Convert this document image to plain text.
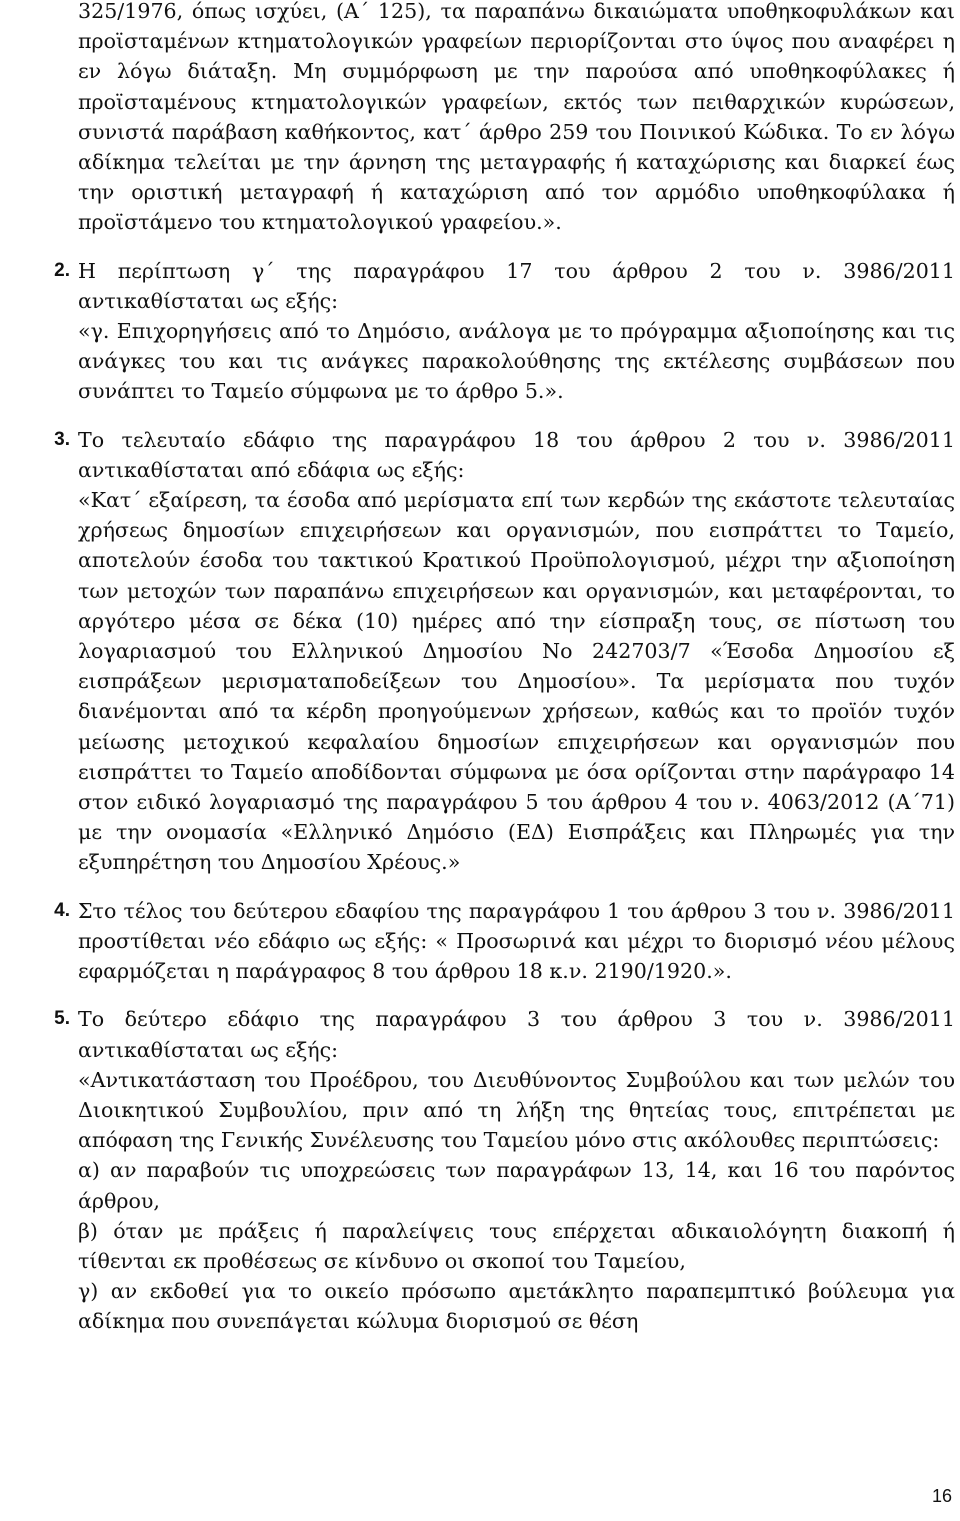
325/1976, όπως ισχύει, (Α΄ 125), τα παραπάνω δικαιώματα υποθηκοφυλάκων και προϊσταμένων κτηματολογικών γραφείων περιορίζονται στο ύψος που αναφέρει η εν λόγω διάταξη. Μη συμμόρφωση με την παρούσα από υποθηκοφύλακες ή προϊσταμένους κτηματολογικών γραφείων, εκτός των πειθαρχικών κυρώσεων, συνιστά παράβαση καθήκοντος, κατ΄ άρθρο 259 του Ποινικού Κώδικα. Το εν λόγω αδίκημα τελείται με την άρνηση της μεταγραφής ή καταχώρισης και διαρκεί έως την οριστική μεταγραφή ή καταχώριση από τον αρμόδιο υποθηκοφύλακα ή προϊστάμενο του κτηματολογικού γραφείου.».

2. Η περίπτωση γ΄ της παραγράφου 17 του άρθρου 2 του ν. 3986/2011 αντικαθίσταται ως εξής:

«γ. Επιχορηγήσεις από το Δημόσιο, ανάλογα με το πρόγραμμα αξιοποίησης και τις ανάγκες του και τις ανάγκες παρακολούθησης της εκτέλεσης συμβάσεων που συνάπτει το Ταμείο σύμφωνα με το άρθρο 5.».

3. Το τελευταίο εδάφιο της παραγράφου 18 του άρθρου 2 του ν. 3986/2011 αντικαθίσταται από εδάφια ως εξής:

«Κατ΄ εξαίρεση, τα έσοδα από μερίσματα επί των κερδών της εκάστοτε τελευταίας χρήσεως δημοσίων επιχειρήσεων και οργανισμών, που εισπράττει το Ταμείο, αποτελούν έσοδα του τακτικού Κρατικού Προϋπολογισμού, μέχρι την αξιοποίηση των μετοχών των παραπάνω επιχειρήσεων και οργανισμών, και μεταφέρονται, το αργότερο μέσα σε δέκα (10) ημέρες από την είσπραξη τους, σε πίστωση του λογαριασμού του Ελληνικού Δημοσίου Νο 242703/7 «Έσοδα Δημοσίου εξ εισπράξεων μερισματαποδείξεων του Δημοσίου». Τα μερίσματα που τυχόν διανέμονται από τα κέρδη προηγούμενων χρήσεων, καθώς και το προϊόν τυχόν μείωσης μετοχικού κεφαλαίου δημοσίων επιχειρήσεων και οργανισμών που εισπράττει το Ταμείο αποδίδονται σύμφωνα με όσα ορίζονται στην παράγραφο 14 στον ειδικό λογαριασμό της παραγράφου 5 του άρθρου 4 του ν. 4063/2012 (Α΄71) με την ονομασία «Ελληνικό Δημόσιο (ΕΔ) Εισπράξεις και Πληρωμές για την εξυπηρέτηση του Δημοσίου Χρέους.»

4. Στο τέλος του δεύτερου εδαφίου της παραγράφου 1 του άρθρου 3 του ν. 3986/2011 προστίθεται νέο εδάφιο ως εξής: « Προσωρινά και μέχρι το διορισμό νέου μέλους εφαρμόζεται η παράγραφος 8 του άρθρου 18 κ.ν. 2190/1920.».

5. Το δεύτερο εδάφιο της παραγράφου 3 του άρθρου 3 του ν. 3986/2011 αντικαθίσταται ως εξής:

«Αντικατάσταση του Προέδρου, του Διευθύνοντος Συμβούλου και των μελών του Διοικητικού Συμβουλίου, πριν από τη λήξη της θητείας τους, επιτρέπεται με απόφαση της Γενικής Συνέλευσης του Ταμείου μόνο στις ακόλουθες περιπτώσεις:

α) αν παραβούν τις υποχρεώσεις των παραγράφων 13, 14, και 16 του παρόντος άρθρου,

β) όταν με πράξεις ή παραλείψεις τους επέρχεται αδικαιολόγητη διακοπή ή τίθενται εκ προθέσεως σε κίνδυνο οι σκοποί του Ταμείου,

γ) αν εκδοθεί για το οικείο πρόσωπο αμετάκλητο παραπεμπτικό βούλευμα για αδίκημα που συνεπάγεται κώλυμα διορισμού σε θέση

16
